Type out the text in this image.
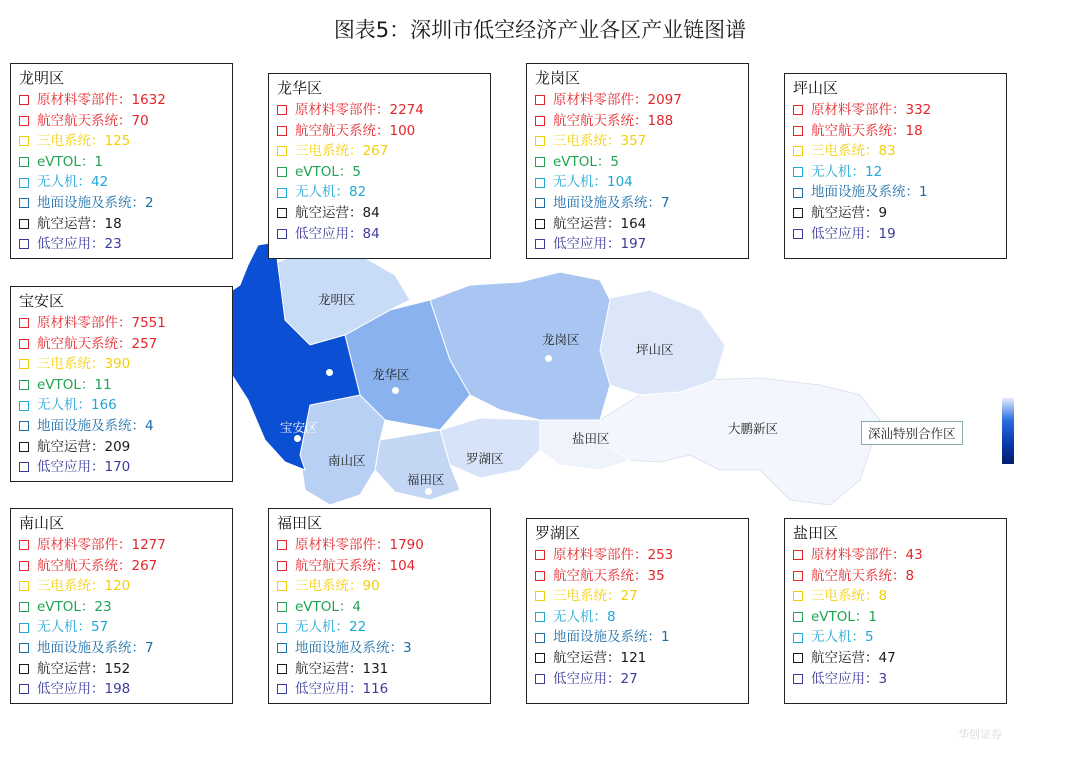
图表5：深圳市低空经济产业各区产业链图谱
龙明区
龙华区
龙岗区
坪山区
宝安区
南山区
福田区
罗湖区
盐田区
大鹏新区	深汕特别合作区
龙明区
原材料零部件：1632
航空航天系统：70
三电系统：125
eVTOL：1
无人机：42
地面设施及系统：2
航空运营：18
低空应用：23
龙华区
原材料零部件：2274
航空航天系统：100
三电系统：267
eVTOL：5
无人机：82
航空运营：84
低空应用：84
龙岗区
原材料零部件：2097
航空航天系统：188
三电系统：357
eVTOL：5
无人机：104
地面设施及系统：7
航空运营：164
低空应用：197
坪山区
原材料零部件：332
航空航天系统：18
三电系统：83
无人机：12
地面设施及系统：1
航空运营：9
低空应用：19
宝安区
原材料零部件：7551
航空航天系统：257
三电系统：390
eVTOL：11
无人机：166
地面设施及系统：4
航空运营：209
低空应用：170
南山区
原材料零部件：1277
航空航天系统：267
三电系统：120
eVTOL：23
无人机：57
地面设施及系统：7
航空运营：152
低空应用：198
福田区
原材料零部件：1790
航空航天系统：104
三电系统：90
eVTOL：4
无人机：22
地面设施及系统：3
航空运营：131
低空应用：116
罗湖区
原材料零部件：253
航空航天系统：35
三电系统：27
无人机：8
地面设施及系统：1
航空运营：121
低空应用：27
盐田区
原材料零部件：43
航空航天系统：8
三电系统：8
eVTOL：1
无人机：5
航空运营：47
低空应用：3
华创证券
